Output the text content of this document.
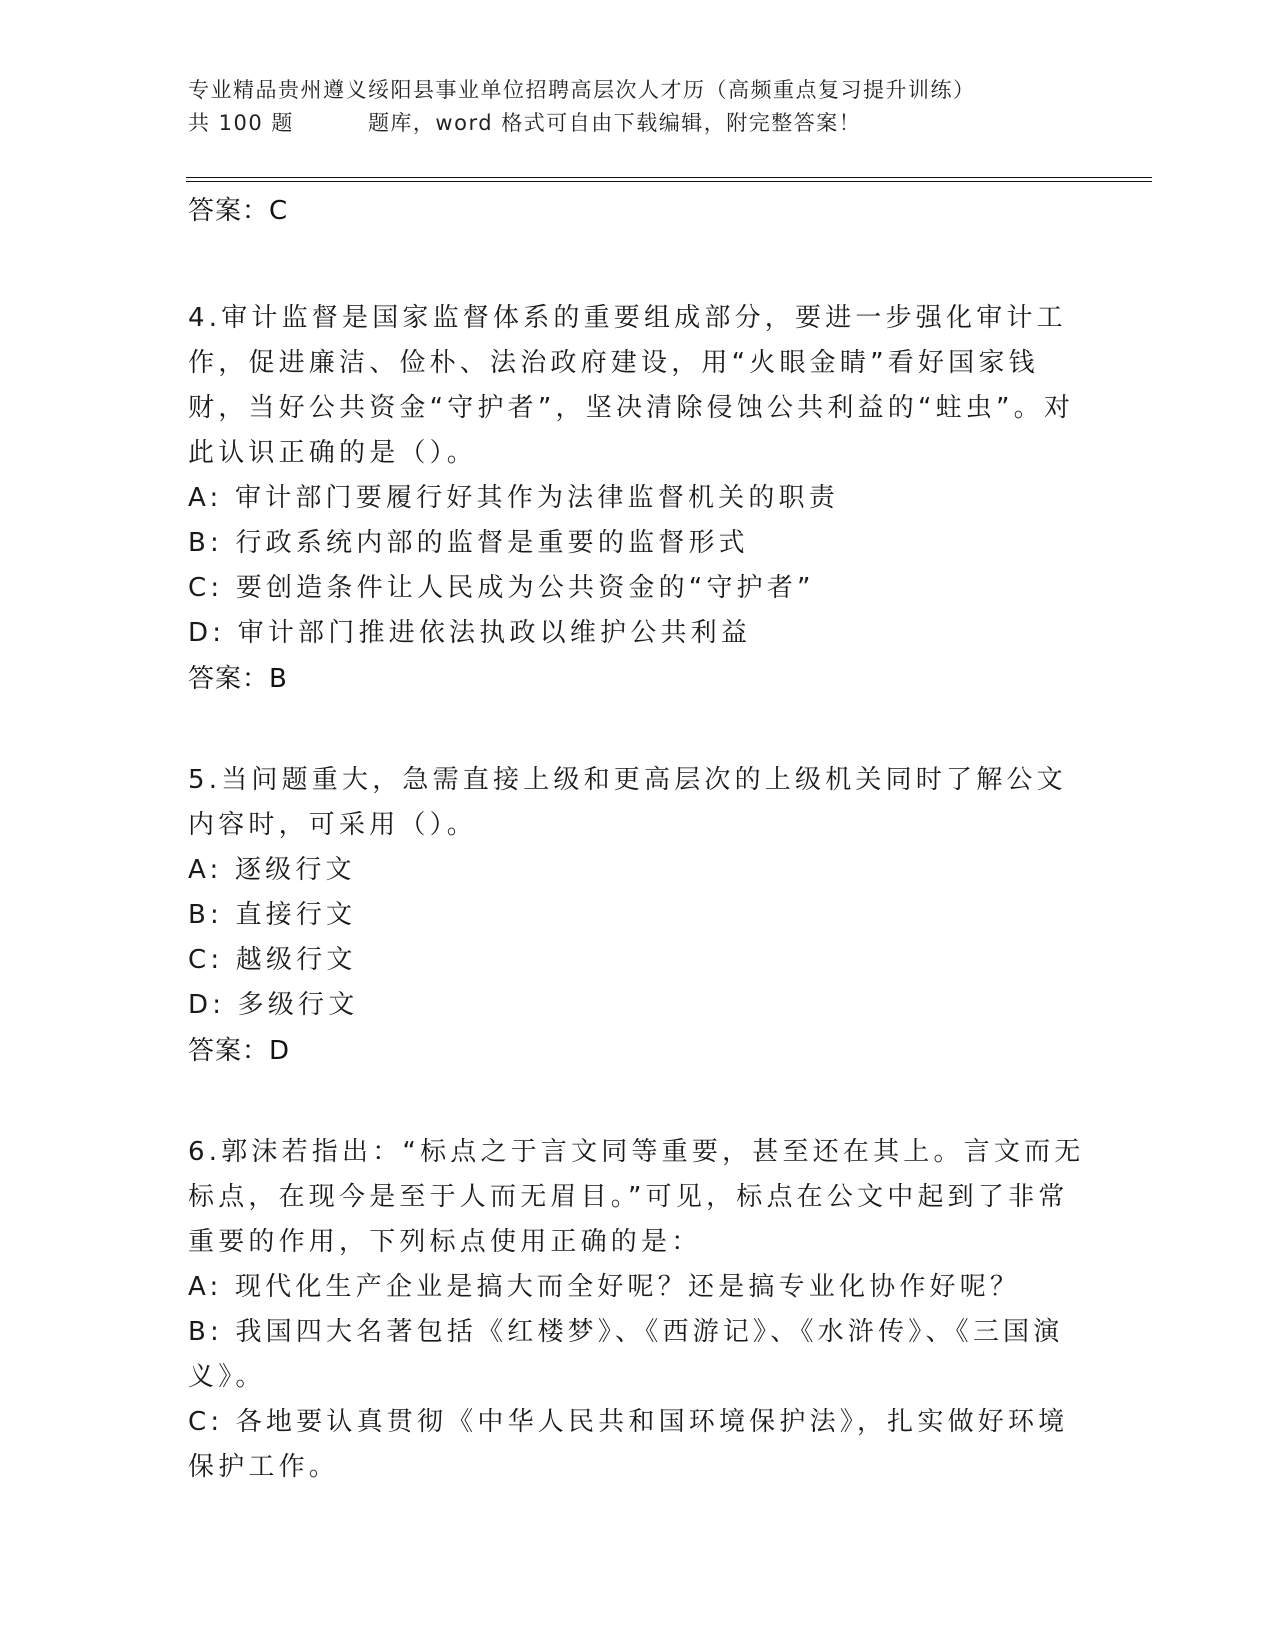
专业精品贵州遵义绥阳县事业单位招聘高层次人才历（高频重点复习提升训练）
共 100 题	题库，word 格式可自由下载编辑，附完整答案！
答案：C
4.审计监督是国家监督体系的重要组成部分，要进一步强化审计工作，促进廉洁、俭朴、法治政府建设，用“火眼金睛”看好国家钱财，当好公共资金“守护者”，坚决清除侵蚀公共利益的“蛀虫”。对此认识正确的是（）。
A: 审计部门要履行好其作为法律监督机关的职责
B: 行政系统内部的监督是重要的监督形式
C: 要创造条件让人民成为公共资金的“守护者”
D: 审计部门推进依法执政以维护公共利益
答案：B
5.当问题重大，急需直接上级和更高层次的上级机关同时了解公文内容时，可采用（）。
A: 逐级行文
B: 直接行文
C: 越级行文
D: 多级行文
答案：D
6.郭沫若指出：“标点之于言文同等重要，甚至还在其上。言文而无标点，在现今是至于人而无眉目。”可见，标点在公文中起到了非常重要的作用，下列标点使用正确的是：
A: 现代化生产企业是搞大而全好呢？还是搞专业化协作好呢？
B: 我国四大名著包括《红楼梦》、《西游记》、《水浒传》、《三国演义》。
C: 各地要认真贯彻《中华人民共和国环境保护法》，扎实做好环境保护工作。
